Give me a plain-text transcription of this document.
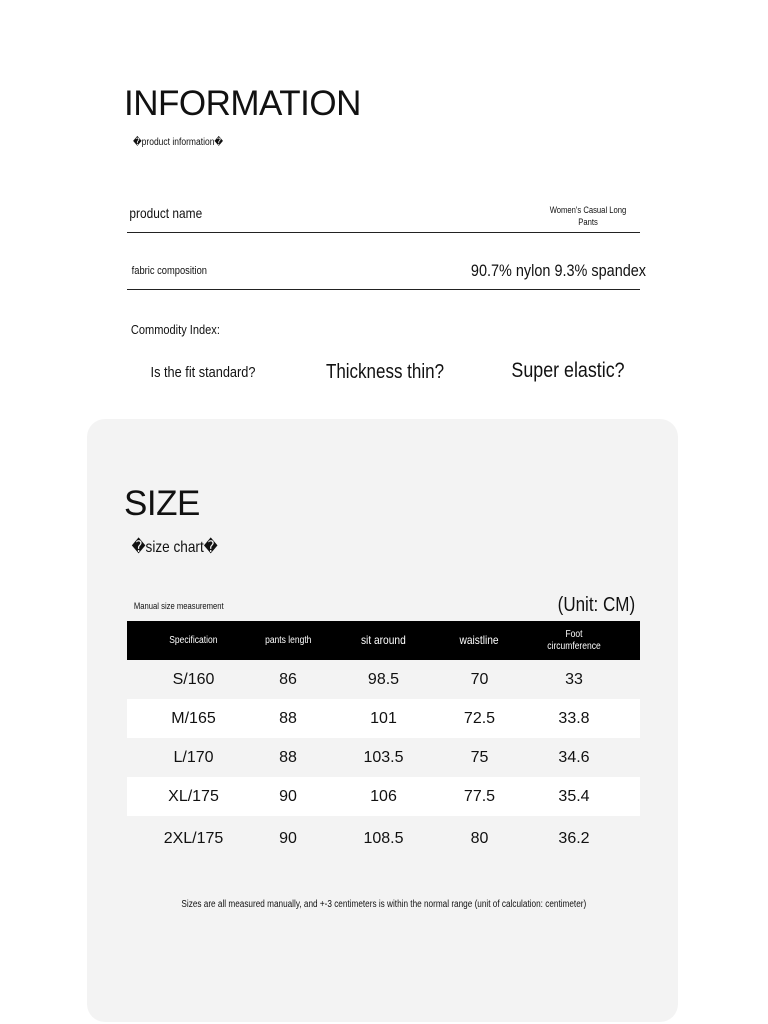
INFORMATION
�product information�
product name	Women's Casual Long Pants
fabric composition	90.7% nylon 9.3% spandex
Commodity Index:
Is the fit standard?	Thickness thin?	Super elastic?
SIZE
�size chart�
Manual size measurement	(Unit: CM)
Specification	pants length	sit around	waistline	Foot circumference
S/160	86	98.5	70	33
M/165	88	101	72.5	33.8
L/170	88	103.5	75	34.6
XL/175	90	106	77.5	35.4
2XL/175	90	108.5	80	36.2
Sizes are all measured manually, and +-3 centimeters is within the normal range (unit of calculation: centimeter)
